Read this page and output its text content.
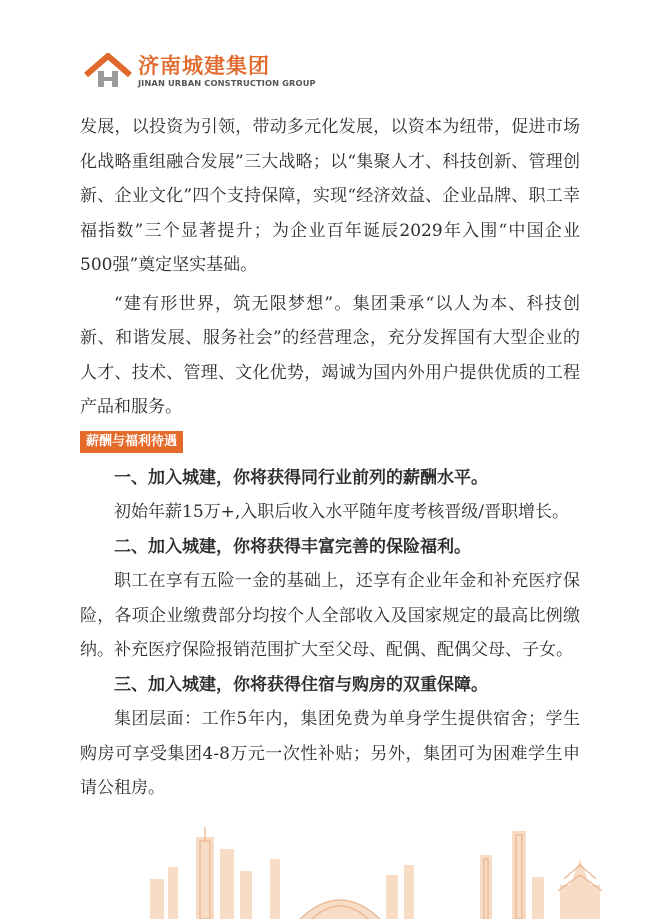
济南城建集团
JINAN URBAN CONSTRUCTION GROUP

发展，以投资为引领，带动多元化发展，以资本为纽带，促进市场化战略重组融合发展”三大战略；以“集聚人才、科技创新、管理创新、企业文化”四个支持保障，实现“经济效益、企业品牌、职工幸福指数”三个显著提升；为企业百年诞辰2029年入围“中国企业500强”奠定坚实基础。

“建有形世界，筑无限梦想”。集团秉承“以人为本、科技创新、和谐发展、服务社会”的经营理念，充分发挥国有大型企业的人才、技术、管理、文化优势，竭诚为国内外用户提供优质的工程产品和服务。

薪酬与福利待遇

一、加入城建，你将获得同行业前列的薪酬水平。

初始年薪15万+,入职后收入水平随年度考核晋级/晋职增长。

二、加入城建，你将获得丰富完善的保险福利。

职工在享有五险一金的基础上，还享有企业年金和补充医疗保险，各项企业缴费部分均按个人全部收入及国家规定的最高比例缴纳。补充医疗保险报销范围扩大至父母、配偶、配偶父母、子女。

三、加入城建，你将获得住宿与购房的双重保障。

集团层面：工作5年内，集团免费为单身学生提供宿舍；学生购房可享受集团4-8万元一次性补贴；另外，集团可为困难学生申请公租房。
